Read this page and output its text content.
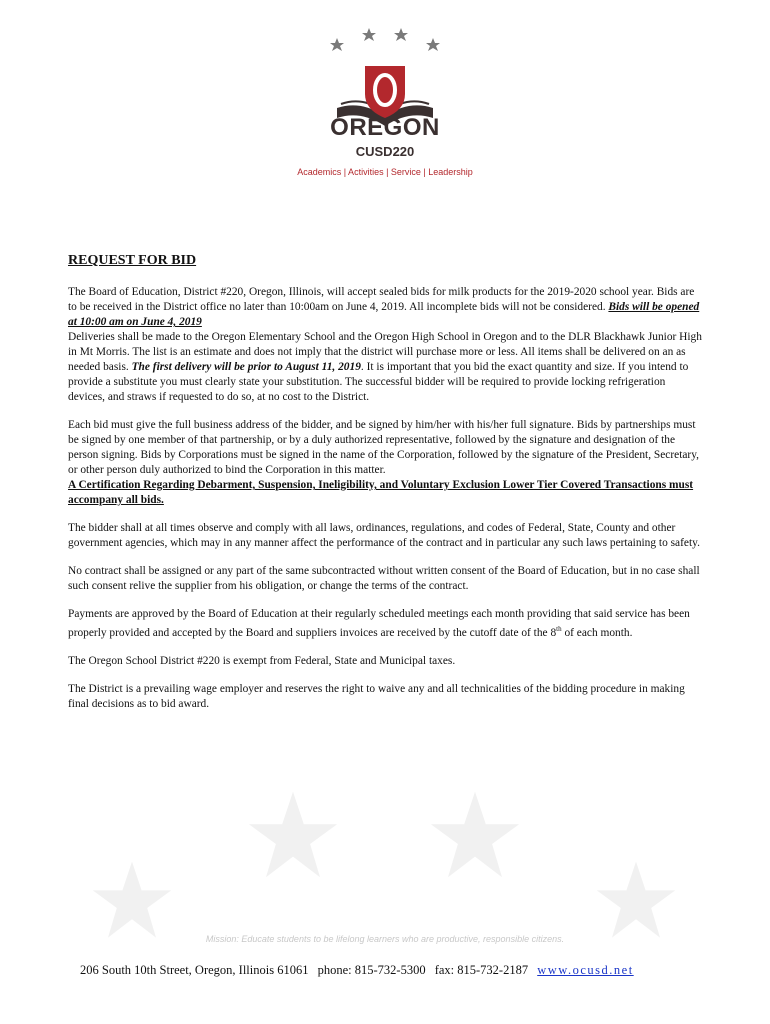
OREGON
CUSD220
Academics | Activities | Service | Leadership
REQUEST FOR BID

The Board of Education, District #220, Oregon, Illinois, will accept sealed bids for milk products for the 2019-2020 school year. Bids are to be received in the District office no later than 10:00am on June 4, 2019. All incomplete bids will not be considered. Bids will be opened at 10:00 am on June 4, 2019
Deliveries shall be made to the Oregon Elementary School and the Oregon High School in Oregon and to the DLR Blackhawk Junior High in Mt Morris. The list is an estimate and does not imply that the district will purchase more or less. All items shall be delivered on an as needed basis. The first delivery will be prior to August 11, 2019. It is important that you bid the exact quantity and size. If you intend to provide a substitute you must clearly state your substitution. The successful bidder will be required to provide locking refrigeration devices, and straws if requested to do so, at no cost to the District.

Each bid must give the full business address of the bidder, and be signed by him/her with his/her full signature. Bids by partnerships must be signed by one member of that partnership, or by a duly authorized representative, followed by the signature and designation of the person signing. Bids by Corporations must be signed in the name of the Corporation, followed by the signature of the President, Secretary, or other person duly authorized to bind the Corporation in this matter.
A Certification Regarding Debarment, Suspension, Ineligibility, and Voluntary Exclusion Lower Tier Covered Transactions must accompany all bids.

The bidder shall at all times observe and comply with all laws, ordinances, regulations, and codes of Federal, State, County and other government agencies, which may in any manner affect the performance of the contract and in particular any such laws pertaining to safety.

No contract shall be assigned or any part of the same subcontracted without written consent of the Board of Education, but in no case shall such consent relive the supplier from his obligation, or change the terms of the contract.

Payments are approved by the Board of Education at their regularly scheduled meetings each month providing that said service has been properly provided and accepted by the Board and suppliers invoices are received by the cutoff date of the 8th of each month.

The Oregon School District #220 is exempt from Federal, State and Municipal taxes.

The District is a prevailing wage employer and reserves the right to waive any and all technicalities of the bidding procedure in making final decisions as to bid award.

Mission: Educate students to be lifelong learners who are productive, responsible citizens.
206 South 10th Street, Oregon, Illinois 61061 phone: 815-732-5300 fax: 815-732-2187 www.ocusd.net
